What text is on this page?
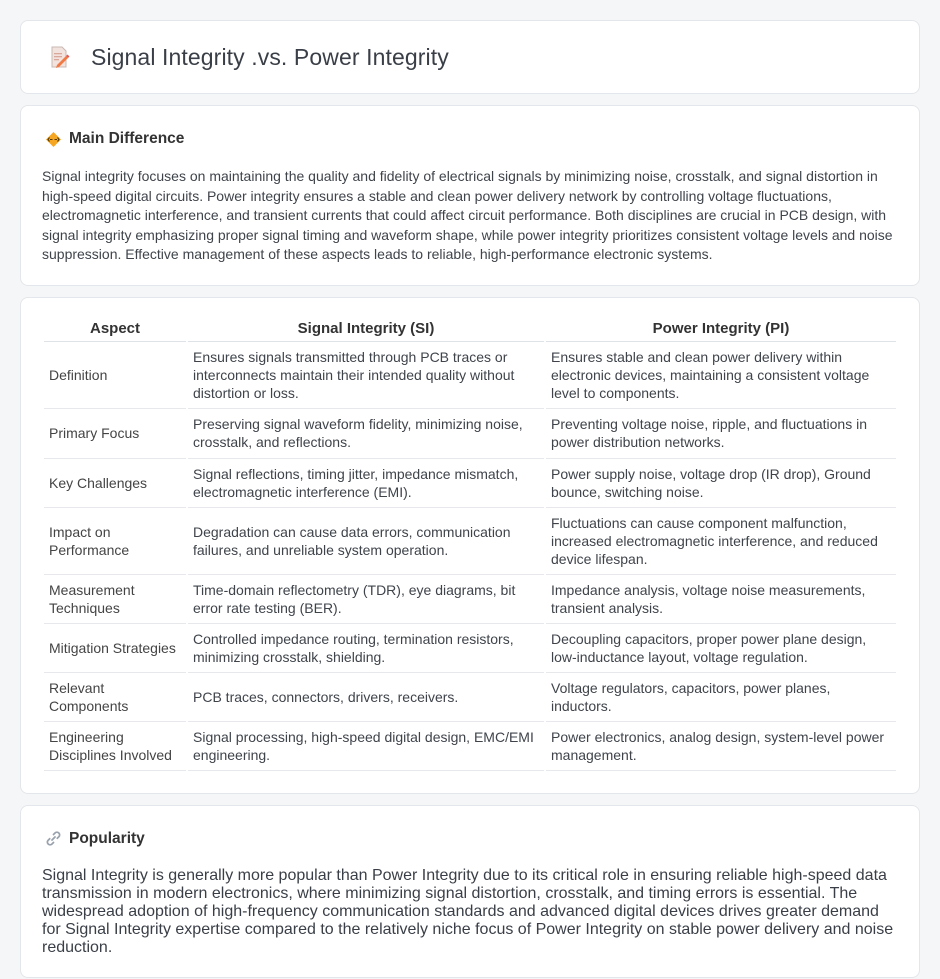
Signal Integrity .vs. Power Integrity
Main Difference

Signal integrity focuses on maintaining the quality and fidelity of electrical signals by minimizing noise, crosstalk, and signal distortion in high-speed digital circuits. Power integrity ensures a stable and clean power delivery network by controlling voltage fluctuations, electromagnetic interference, and transient currents that could affect circuit performance. Both disciplines are crucial in PCB design, with signal integrity emphasizing proper signal timing and waveform shape, while power integrity prioritizes consistent voltage levels and noise suppression. Effective management of these aspects leads to reliable, high-performance electronic systems.

Aspect	Signal Integrity (SI)	Power Integrity (PI)
Definition	Ensures signals transmitted through PCB traces or interconnects maintain their intended quality without distortion or loss.	Ensures stable and clean power delivery within electronic devices, maintaining a consistent voltage level to components.
Primary Focus	Preserving signal waveform fidelity, minimizing noise, crosstalk, and reflections.	Preventing voltage noise, ripple, and fluctuations in power distribution networks.
Key Challenges	Signal reflections, timing jitter, impedance mismatch, electromagnetic interference (EMI).	Power supply noise, voltage drop (IR drop), Ground bounce, switching noise.
Impact on Performance	Degradation can cause data errors, communication failures, and unreliable system operation.	Fluctuations can cause component malfunction, increased electromagnetic interference, and reduced device lifespan.
Measurement Techniques	Time-domain reflectometry (TDR), eye diagrams, bit error rate testing (BER).	Impedance analysis, voltage noise measurements, transient analysis.
Mitigation Strategies	Controlled impedance routing, termination resistors, minimizing crosstalk, shielding.	Decoupling capacitors, proper power plane design, low-inductance layout, voltage regulation.
Relevant Components	PCB traces, connectors, drivers, receivers.	Voltage regulators, capacitors, power planes, inductors.
Engineering Disciplines Involved	Signal processing, high-speed digital design, EMC/EMI engineering.	Power electronics, analog design, system-level power management.
Popularity

Signal Integrity is generally more popular than Power Integrity due to its critical role in ensuring reliable high-speed data transmission in modern electronics, where minimizing signal distortion, crosstalk, and timing errors is essential. The widespread adoption of high-frequency communication standards and advanced digital devices drives greater demand for Signal Integrity expertise compared to the relatively niche focus of Power Integrity on stable power delivery and noise reduction.
